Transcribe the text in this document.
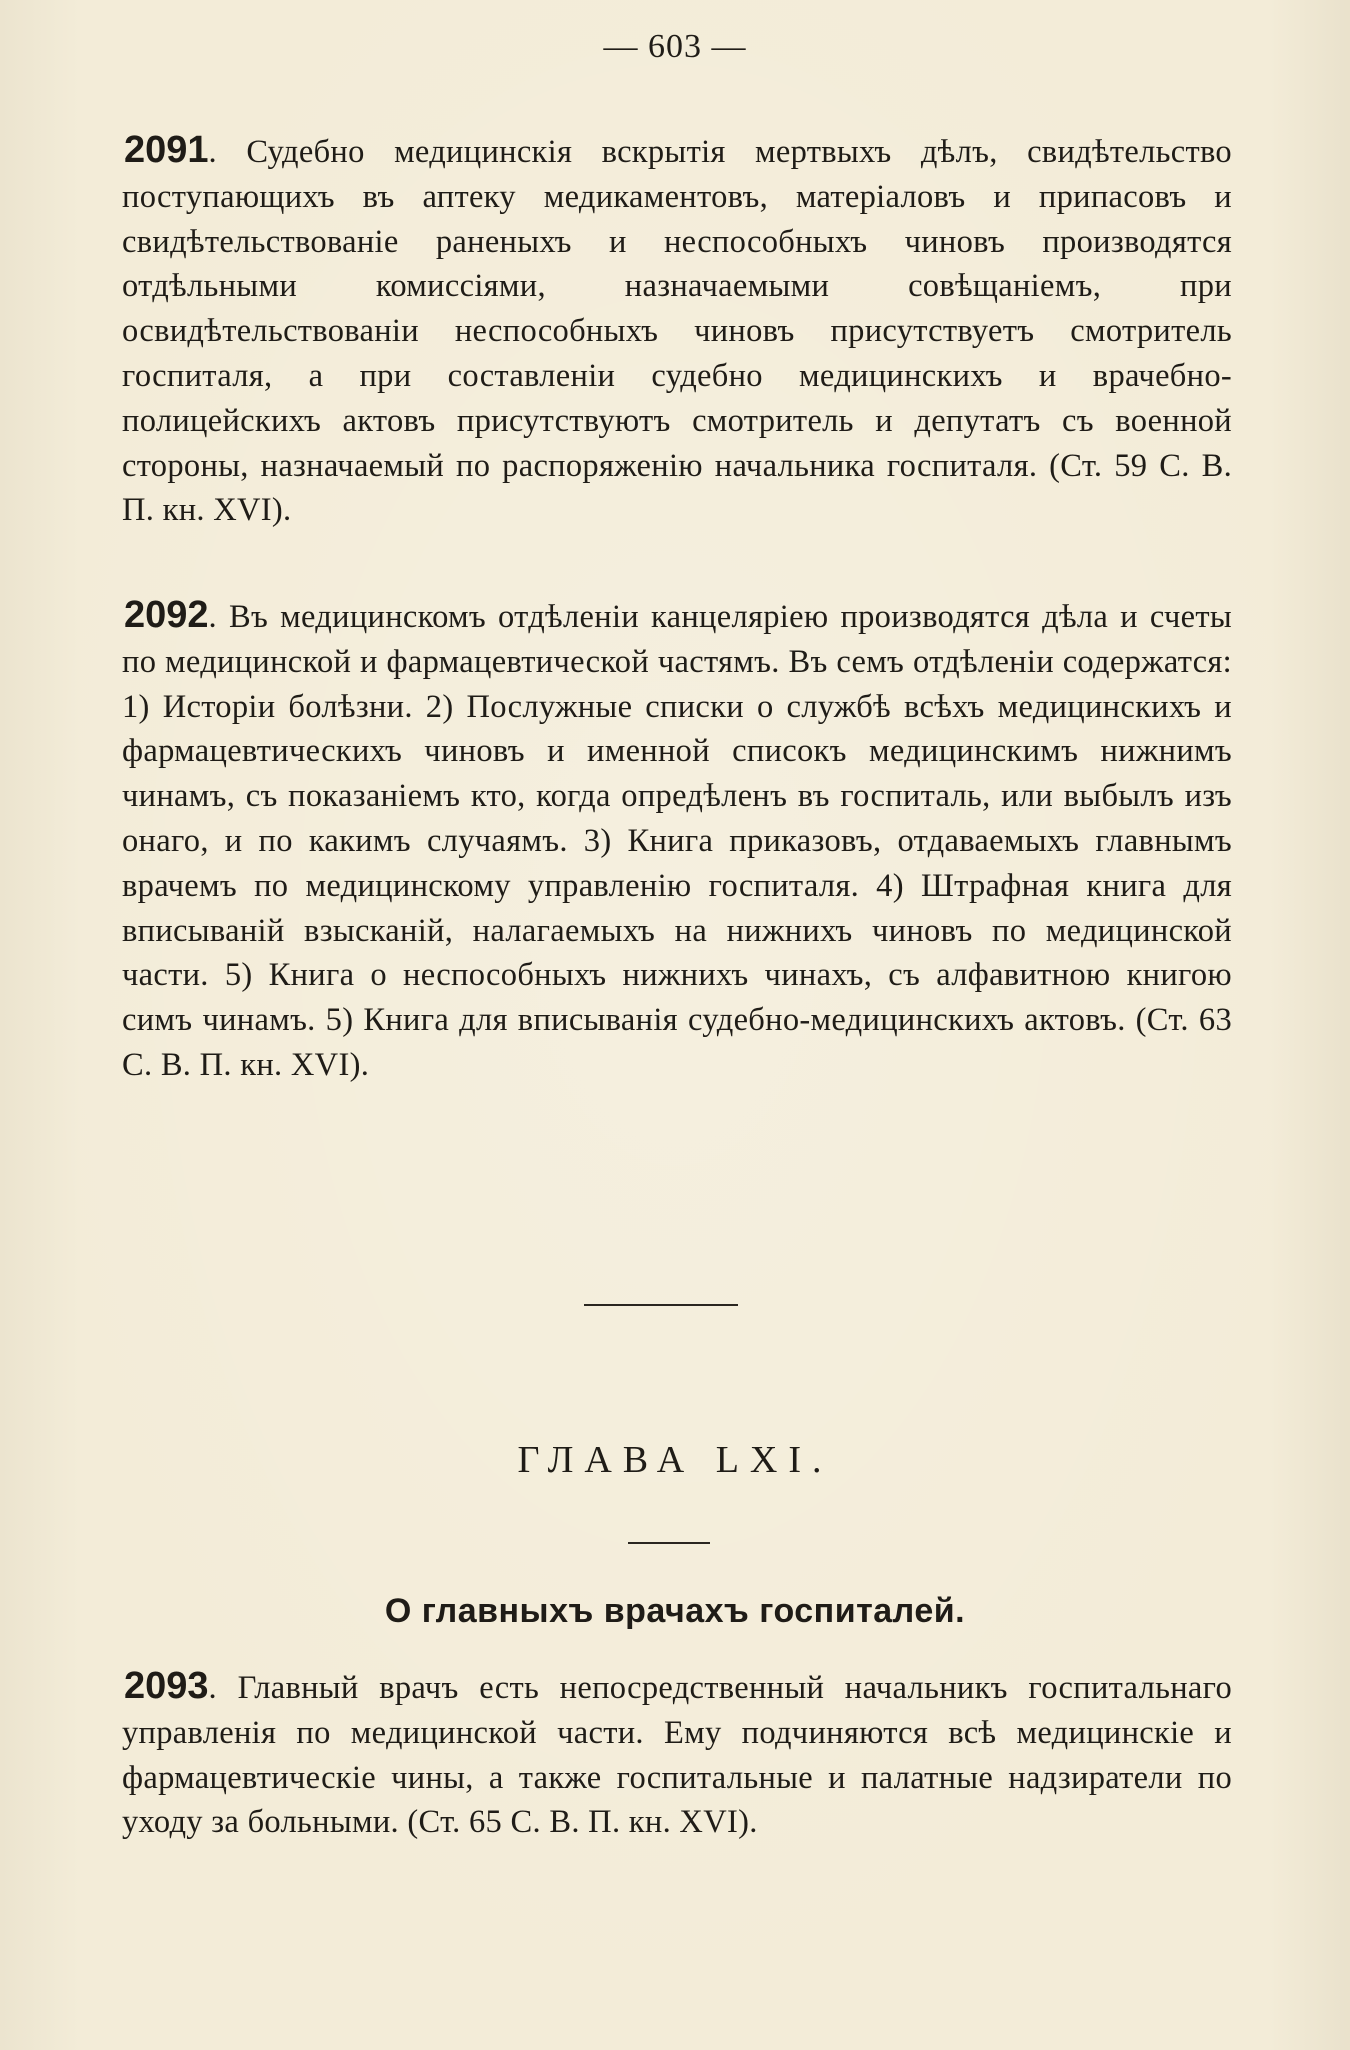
— 603 —
2091. Судебно медицинскія вскрытія мертвыхъ дѣлъ, свидѣтельство поступающихъ въ аптеку медикаментовъ, матеріаловъ и припасовъ и свидѣтельствованіе раненыхъ и неспособныхъ чиновъ производятся отдѣльными комиссіями, назначаемыми совѣщаніемъ, при освидѣтельствованіи неспособныхъ чиновъ присутствуетъ смотритель госпиталя, а при составленіи судебно медицинскихъ и врачебно-полицейскихъ актовъ присутствуютъ смотритель и депутатъ съ военной стороны, назначаемый по распоряженію начальника госпиталя. (Ст. 59 С. В. П. кн. XVI).
2092. Въ медицинскомъ отдѣленіи канцеляріею производятся дѣла и счеты по медицинской и фармацевтической частямъ. Въ семъ отдѣленіи содержатся: 1) Исторіи болѣзни. 2) Послужные списки о службѣ всѣхъ медицинскихъ и фармацевтическихъ чиновъ и именной списокъ медицинскимъ нижнимъ чинамъ, съ показаніемъ кто, когда опредѣленъ въ госпиталь, или выбылъ изъ онаго, и по какимъ случаямъ. 3) Книга приказовъ, отдаваемыхъ главнымъ врачемъ по медицинскому управленію госпиталя. 4) Штрафная книга для вписываній взысканій, налагаемыхъ на нижнихъ чиновъ по медицинской части. 5) Книга о неспособныхъ нижнихъ чинахъ, съ алфавитною книгою симъ чинамъ. 5) Книга для вписыванія судебно-медицинскихъ актовъ. (Ст. 63 С. В. П. кн. XVI).
ГЛАВА LXI.
О главныхъ врачахъ госпиталей.
2093. Главный врачъ есть непосредственный начальникъ госпитальнаго управленія по медицинской части. Ему подчиняются всѣ медицинскіе и фармацевтическіе чины, а также госпитальные и палатные надзиратели по уходу за больными. (Ст. 65 С. В. П. кн. XVI).
